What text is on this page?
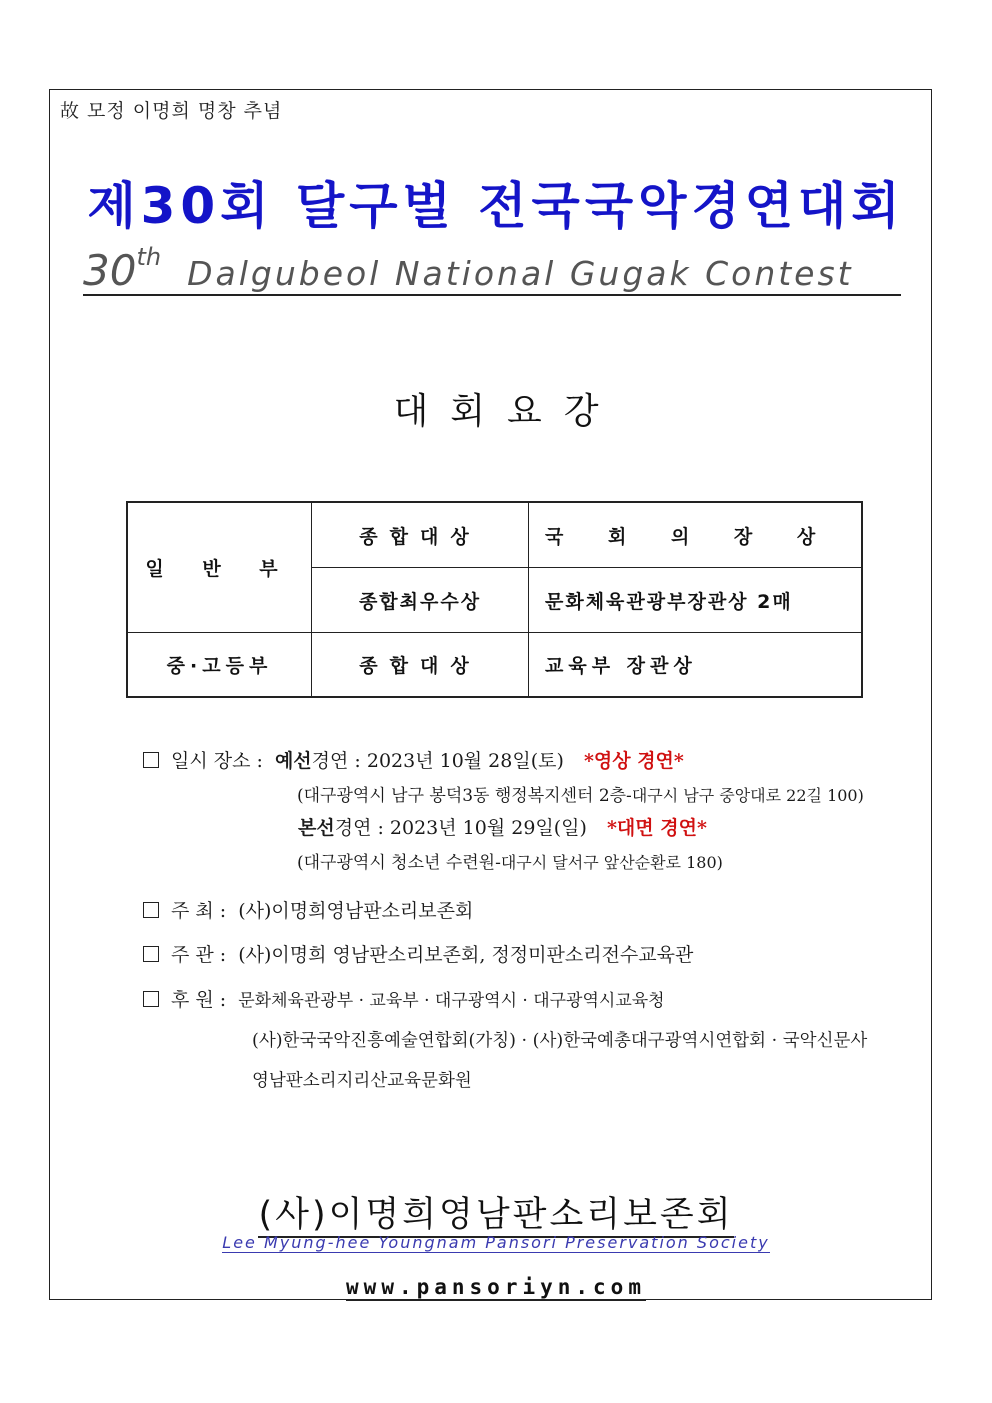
故 모정 이명희 명창 추념
제30회 달구벌 전국국악경연대회
30th Dalgubeol National Gugak Contest
대회요강
일 반 부	종합대상	국 회 의 장 상
	종합최우수상	문화체육관광부장관상 2매
중·고등부	종합대상	교육부 장관상
일시 장소 : 예선경연 : 2023년 10월 28일(토) *영상 경연*
(대구광역시 남구 봉덕3동 행정복지센터 2층-대구시 남구 중앙대로 22길 100)
본선경연 : 2023년 10월 29일(일) *대면 경연*
(대구광역시 청소년 수련원-대구시 달서구 앞산순환로 180)
주 최 : (사)이명희영남판소리보존회
주 관 : (사)이명희 영남판소리보존회, 정정미판소리전수교육관
후 원 : 문화체육관광부 · 교육부 · 대구광역시 · 대구광역시교육청
(사)한국국악진흥예술연합회(가칭) · (사)한국예총대구광역시연합회 · 국악신문사
영남판소리지리산교육문화원
(사)이명희영남판소리보존회
Lee Myung-hee Youngnam Pansori Preservation Society
www.pansoriyn.com
